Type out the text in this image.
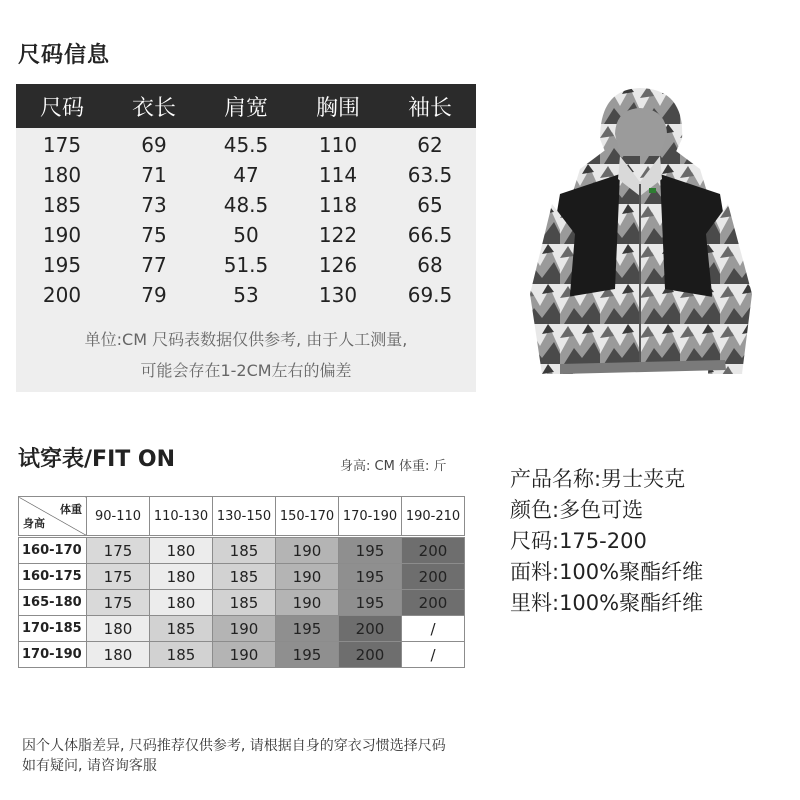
尺码信息
尺码	衣长	肩宽	胸围	袖长
175	69	45.5	110	62
180	71	47	114	63.5
185	73	48.5	118	65
190	75	50	122	66.5
195	77	51.5	126	68
200	79	53	130	69.5
单位:CM 尺码表数据仅供参考, 由于人工测量,
可能会存在1-2CM左右的偏差
试穿表/FIT ON	身高: CM 体重: 斤
体重
身高	90-110	110-130	130-150	150-170	170-190	190-210

160-170	175	180	185	190	195	200
160-175	175	180	185	190	195	200
165-180	175	180	185	190	195	200
170-185	180	185	190	195	200	/
170-190	180	185	190	195	200	/
产品名称:男士夹克
颜色:多色可选
尺码:175-200
面料:100%聚酯纤维
里料:100%聚酯纤维
因个人体脂差异, 尺码推荐仅供参考, 请根据自身的穿衣习惯选择尺码
如有疑问, 请咨询客服
